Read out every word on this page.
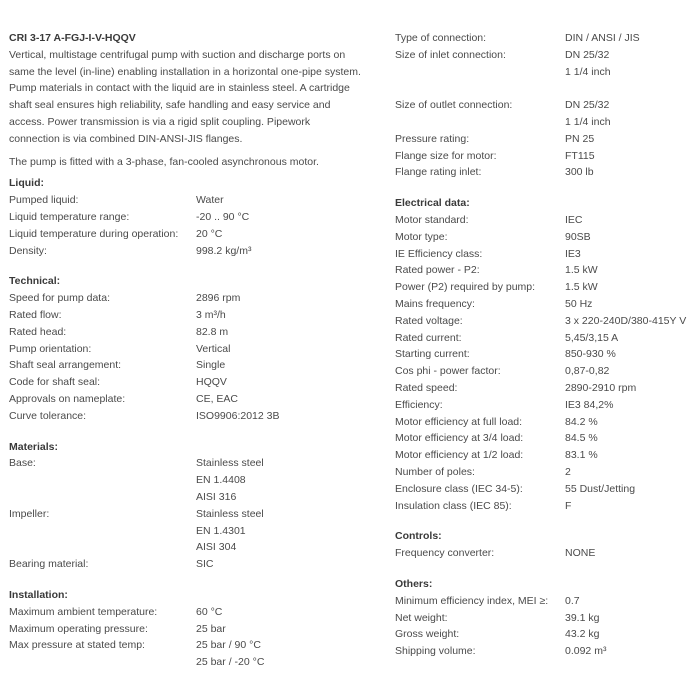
CRI 3-17 A-FGJ-I-V-HQQV
Vertical, multistage centrifugal pump with suction and discharge ports on
same the level (in-line) enabling installation in a horizontal one-pipe system.
Pump materials in contact with the liquid are in stainless steel. A cartridge
shaft seal ensures high reliability, safe handling and easy service and
access. Power transmission is via a rigid split coupling. Pipework
connection is via combined DIN-ANSI-JIS flanges.

The pump is fitted with a 3-phase, fan-cooled asynchronous motor.

Liquid:
Pumped liquid:	Water
Liquid temperature range:	-20 .. 90 °C
Liquid temperature during operation:	20 °C
Density:	998.2 kg/m³
Technical:
Speed for pump data:	2896 rpm
Rated flow:	3 m³/h
Rated head:	82.8 m
Pump orientation:	Vertical
Shaft seal arrangement:	Single
Code for shaft seal:	HQQV
Approvals on nameplate:	CE, EAC
Curve tolerance:	ISO9906:2012 3B
Materials:
Base:	Stainless steel
EN 1.4408
AISI 316
Impeller:	Stainless steel
EN 1.4301
AISI 304
Bearing material:	SIC
Installation:
Maximum ambient temperature:	60 °C
Maximum operating pressure:	25 bar
Max pressure at stated temp:	25 bar / 90 °C
25 bar / -20 °C
Type of connection:	DIN / ANSI / JIS
Size of inlet connection:	DN 25/32
1 1/4 inch
Size of outlet connection:	DN 25/32
1 1/4 inch
Pressure rating:	PN 25
Flange size for motor:	FT115
Flange rating inlet:	300 lb
Electrical data:
Motor standard:	IEC
Motor type:	90SB
IE Efficiency class:	IE3
Rated power - P2:	1.5 kW
Power (P2) required by pump:	1.5 kW
Mains frequency:	50 Hz
Rated voltage:	3 x 220-240D/380-415Y V
Rated current:	5,45/3,15 A
Starting current:	850-930 %
Cos phi - power factor:	0,87-0,82
Rated speed:	2890-2910 rpm
Efficiency:	IE3 84,2%
Motor efficiency at full load:	84.2 %
Motor efficiency at 3/4 load:	84.5 %
Motor efficiency at 1/2 load:	83.1 %
Number of poles:	2
Enclosure class (IEC 34-5):	55 Dust/Jetting
Insulation class (IEC 85):	F
Controls:
Frequency converter:	NONE
Others:
Minimum efficiency index, MEI ≥:	0.7
Net weight:	39.1 kg
Gross weight:	43.2 kg
Shipping volume:	0.092 m³
